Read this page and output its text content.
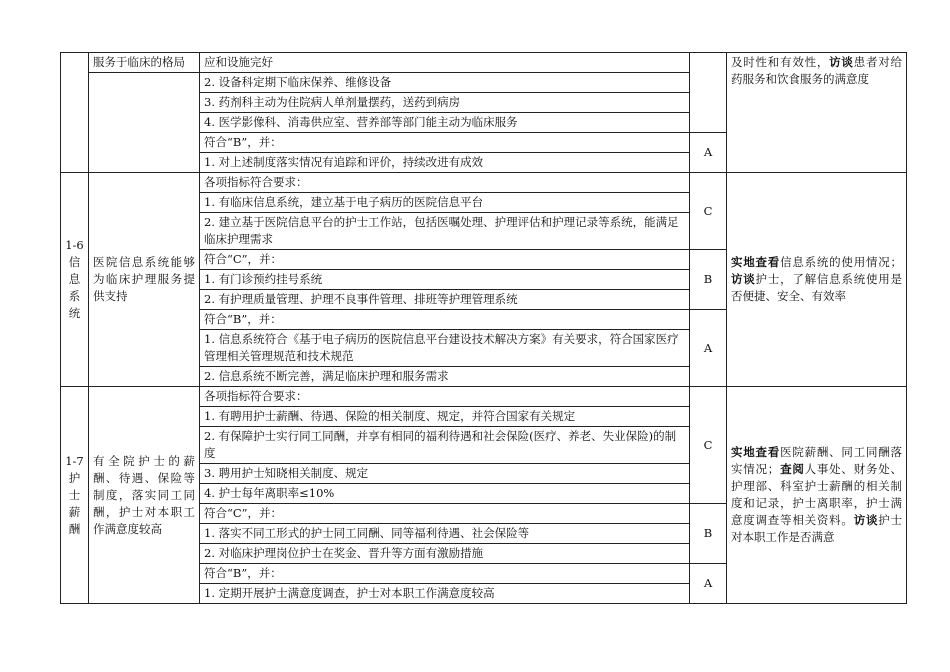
	服务于临床的格局	应和设施完好		及时性和有效性，访谈患者对给药服务和饮食服务的满意度
		2. 设备科定期下临床保养、维修设备		
		3. 药剂科主动为住院病人单剂量摆药，送药到病房		
		4. 医学影像科、消毒供应室、营养部等部门能主动为临床服务		
		符合“B”，并：	A	
		1. 对上述制度落实情况有追踪和评价，持续改进有成效		
1-6 信息系统	医院信息系统能够为临床护理服务提供支持	各项指标符合要求：	C	实地查看信息系统的使用情况；访谈护士，了解信息系统使用是否便捷、安全、有效率
		1. 有临床信息系统，建立基于电子病历的医院信息平台		
		2. 建立基于医院信息平台的护士工作站，包括医嘱处理、护理评估和护理记录等系统，能满足临床护理需求		
		符合“C”，并：	B	
		1. 有门诊预约挂号系统		
		2. 有护理质量管理、护理不良事件管理、排班等护理管理系统		
		符合“B”，并：	A	
		1. 信息系统符合《基于电子病历的医院信息平台建设技术解决方案》有关要求，符合国家医疗管理相关管理规范和技术规范		
		2. 信息系统不断完善，满足临床护理和服务需求		
1-7 护士薪酬	有全院护士的薪酬、待遇、保险等制度，落实同工同酬，护士对本职工作满意度较高	各项指标符合要求：	C	实地查看医院薪酬、同工同酬落实情况；查阅人事处、财务处、护理部、科室护士薪酬的相关制度和记录，护士离职率，护士满意度调查等相关资料。访谈护士对本职工作是否满意
		1. 有聘用护士薪酬、待遇、保险的相关制度、规定，并符合国家有关规定		
		2. 有保障护士实行同工同酬，并享有相同的福利待遇和社会保险(医疗、养老、失业保险)的制度		
		3. 聘用护士知晓相关制度、规定		
		4. 护士每年离职率≤10%		
		符合“C”，并：	B	
		1. 落实不同工形式的护士同工同酬、同等福利待遇、社会保险等		
		2. 对临床护理岗位护士在奖金、晋升等方面有激励措施		
		符合“B”，并：	A	
		1. 定期开展护士满意度调查，护士对本职工作满意度较高		
